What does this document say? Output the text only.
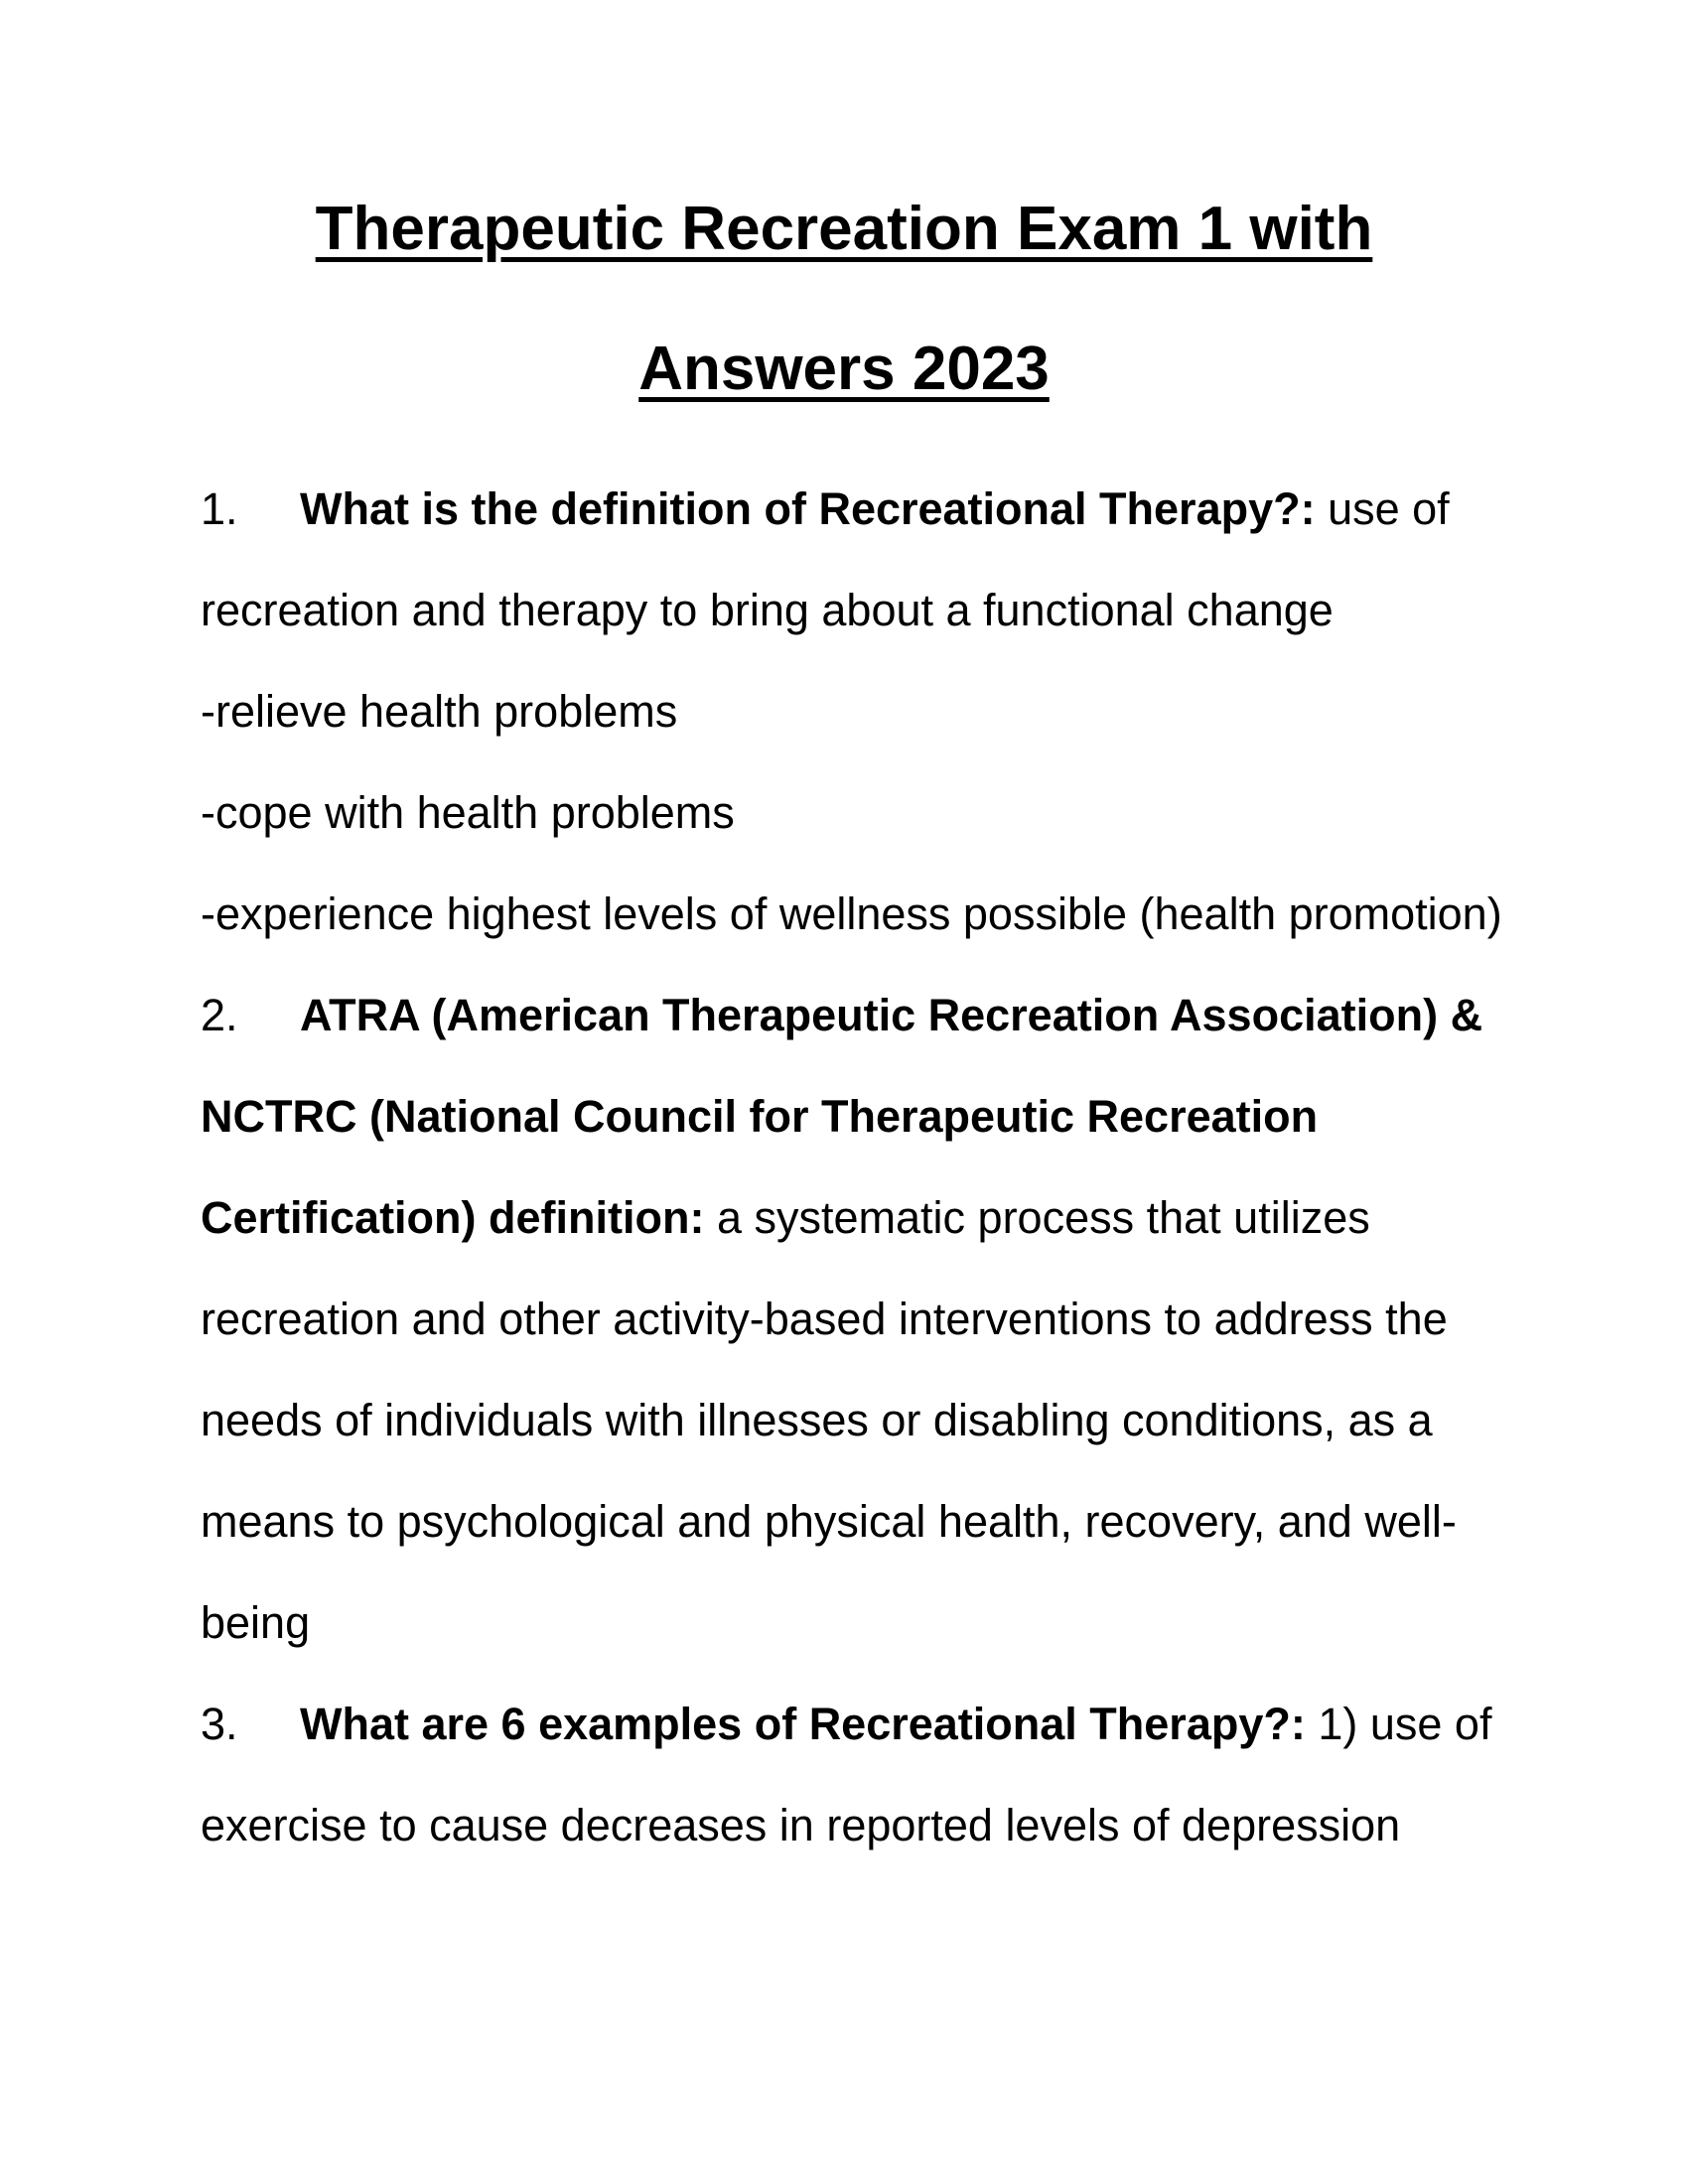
Therapeutic Recreation Exam 1 with
Answers 2023
1. What is the definition of Recreational Therapy?: use of
recreation and therapy to bring about a functional change
-relieve health problems
-cope with health problems
-experience highest levels of wellness possible (health promotion)
2. ATRA (American Therapeutic Recreation Association) &
NCTRC (National Council for Therapeutic Recreation
Certification) definition: a systematic process that utilizes
recreation and other activity-based interventions to address the
needs of individuals with illnesses or disabling conditions, as a
means to psychological and physical health, recovery, and well-
being
3. What are 6 examples of Recreational Therapy?: 1) use of
exercise to cause decreases in reported levels of depression
